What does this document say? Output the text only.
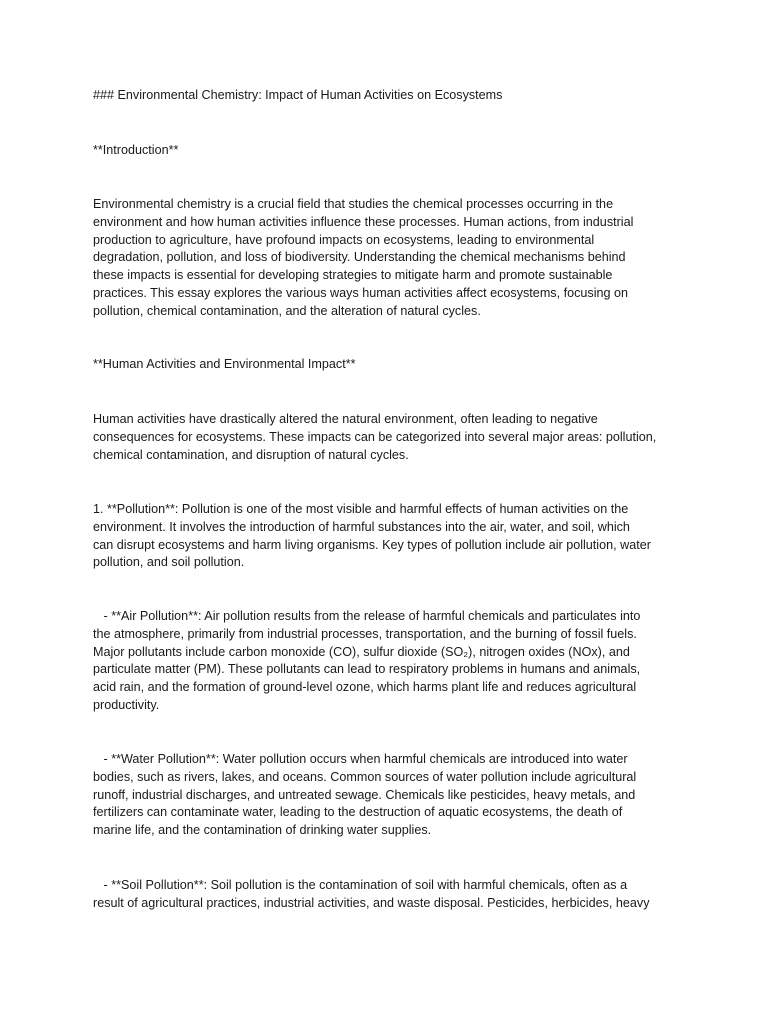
### Environmental Chemistry: Impact of Human Activities on Ecosystems

**Introduction**

Environmental chemistry is a crucial field that studies the chemical processes occurring in the
environment and how human activities influence these processes. Human actions, from industrial
production to agriculture, have profound impacts on ecosystems, leading to environmental
degradation, pollution, and loss of biodiversity. Understanding the chemical mechanisms behind
these impacts is essential for developing strategies to mitigate harm and promote sustainable
practices. This essay explores the various ways human activities affect ecosystems, focusing on
pollution, chemical contamination, and the alteration of natural cycles.

**Human Activities and Environmental Impact**

Human activities have drastically altered the natural environment, often leading to negative
consequences for ecosystems. These impacts can be categorized into several major areas: pollution,
chemical contamination, and disruption of natural cycles.

1. **Pollution**: Pollution is one of the most visible and harmful effects of human activities on the
environment. It involves the introduction of harmful substances into the air, water, and soil, which
can disrupt ecosystems and harm living organisms. Key types of pollution include air pollution, water
pollution, and soil pollution.

- **Air Pollution**: Air pollution results from the release of harmful chemicals and particulates into
the atmosphere, primarily from industrial processes, transportation, and the burning of fossil fuels.
Major pollutants include carbon monoxide (CO), sulfur dioxide (SO₂), nitrogen oxides (NOx), and
particulate matter (PM). These pollutants can lead to respiratory problems in humans and animals,
acid rain, and the formation of ground-level ozone, which harms plant life and reduces agricultural
productivity.

- **Water Pollution**: Water pollution occurs when harmful chemicals are introduced into water
bodies, such as rivers, lakes, and oceans. Common sources of water pollution include agricultural
runoff, industrial discharges, and untreated sewage. Chemicals like pesticides, heavy metals, and
fertilizers can contaminate water, leading to the destruction of aquatic ecosystems, the death of
marine life, and the contamination of drinking water supplies.

- **Soil Pollution**: Soil pollution is the contamination of soil with harmful chemicals, often as a
result of agricultural practices, industrial activities, and waste disposal. Pesticides, herbicides, heavy
